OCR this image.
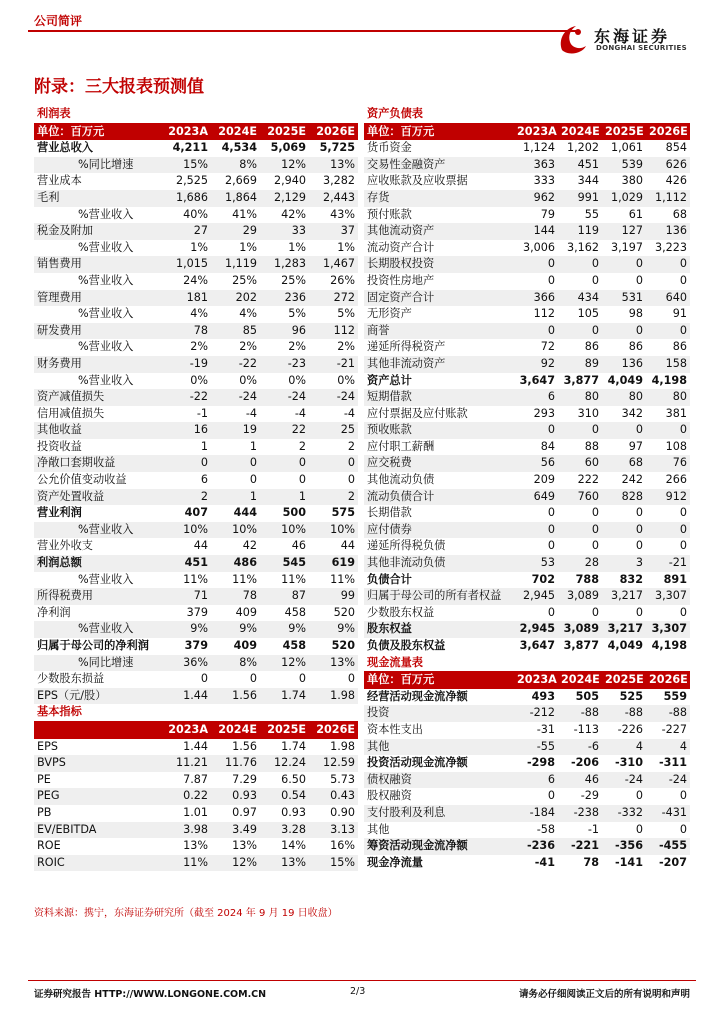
公司简评
东海证券
DONGHAI SECURITIES
附录：三大报表预测值
利润表				
单位：百万元	2023A	2024E	2025E	2026E
营业总收入	4,211	4,534	5,069	5,725
%同比增速	15%	8%	12%	13%
营业成本	2,525	2,669	2,940	3,282
毛利	1,686	1,864	2,129	2,443
%营业收入	40%	41%	42%	43%
税金及附加	27	29	33	37
%营业收入	1%	1%	1%	1%
销售费用	1,015	1,119	1,283	1,467
%营业收入	24%	25%	25%	26%
管理费用	181	202	236	272
%营业收入	4%	4%	5%	5%
研发费用	78	85	96	112
%营业收入	2%	2%	2%	2%
财务费用	-19	-22	-23	-21
%营业收入	0%	0%	0%	0%
资产减值损失	-22	-24	-24	-24
信用减值损失	-1	-4	-4	-4
其他收益	16	19	22	25
投资收益	1	1	2	2
净敞口套期收益	0	0	0	0
公允价值变动收益	6	0	0	0
资产处置收益	2	1	1	2
营业利润	407	444	500	575
%营业收入	10%	10%	10%	10%
营业外收支	44	42	46	44
利润总额	451	486	545	619
%营业收入	11%	11%	11%	11%
所得税费用	71	78	87	99
净利润	379	409	458	520
%营业收入	9%	9%	9%	9%
归属于母公司的净利润	379	409	458	520
%同比增速	36%	8%	12%	13%
少数股东损益	0	0	0	0
EPS（元/股）	1.44	1.56	1.74	1.98
基本指标				
	2023A	2024E	2025E	2026E
EPS	1.44	1.56	1.74	1.98
BVPS	11.21	11.76	12.24	12.59
PE	7.87	7.29	6.50	5.73
PEG	0.22	0.93	0.54	0.43
PB	1.01	0.97	0.93	0.90
EV/EBITDA	3.98	3.49	3.28	3.13
ROE	13%	13%	14%	16%
ROIC	11%	12%	13%	15%
资产负债表				
单位：百万元	2023A	2024E	2025E	2026E
货币资金	1,124	1,202	1,061	854
交易性金融资产	363	451	539	626
应收账款及应收票据	333	344	380	426
存货	962	991	1,029	1,112
预付账款	79	55	61	68
其他流动资产	144	119	127	136
流动资产合计	3,006	3,162	3,197	3,223
长期股权投资	0	0	0	0
投资性房地产	0	0	0	0
固定资产合计	366	434	531	640
无形资产	112	105	98	91
商誉	0	0	0	0
递延所得税资产	72	86	86	86
其他非流动资产	92	89	136	158
资产总计	3,647	3,877	4,049	4,198
短期借款	6	80	80	80
应付票据及应付账款	293	310	342	381
预收账款	0	0	0	0
应付职工薪酬	84	88	97	108
应交税费	56	60	68	76
其他流动负债	209	222	242	266
流动负债合计	649	760	828	912
长期借款	0	0	0	0
应付债券	0	0	0	0
递延所得税负债	0	0	0	0
其他非流动负债	53	28	3	-21
负债合计	702	788	832	891
归属于母公司的所有者权益	2,945	3,089	3,217	3,307
少数股东权益	0	0	0	0
股东权益	2,945	3,089	3,217	3,307
负债及股东权益	3,647	3,877	4,049	4,198
现金流量表				
单位：百万元	2023A	2024E	2025E	2026E
经营活动现金流净额	493	505	525	559
投资	-212	-88	-88	-88
资本性支出	-31	-113	-226	-227
其他	-55	-6	4	4
投资活动现金流净额	-298	-206	-310	-311
债权融资	6	46	-24	-24
股权融资	0	-29	0	0
支付股利及利息	-184	-238	-332	-431
其他	-58	-1	0	0
筹资活动现金流净额	-236	-221	-356	-455
现金净流量	-41	78	-141	-207
资料来源：携宁，东海证券研究所（截至 2024 年 9 月 19 日收盘）
证券研究报告 HTTP://WWW.LONGONE.COM.CN	2/3	请务必仔细阅读正文后的所有说明和声明
